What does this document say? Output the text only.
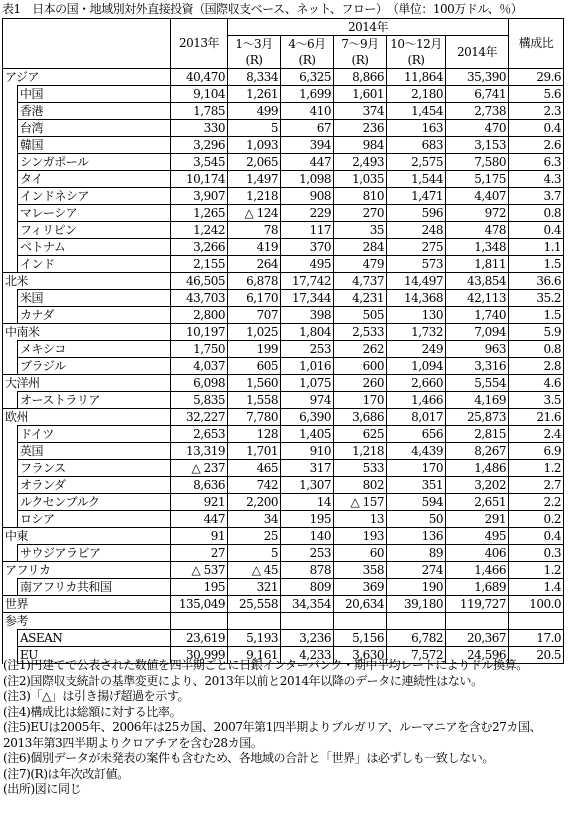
表1　日本の国・地域別対外直接投資（国際収支ベース、ネット、フロー）　（単位：100万ドル、％）
		2013年	2014年					構成比
			1～3月	4～6月	7～9月	10～12月	2014年	
			(R)	(R)	(R)	(R)		
アジア		40,470	8,334	6,325	8,866	11,864	35,390	29.6
	中国	9,104	1,261	1,699	1,601	2,180	6,741	5.6
	香港	1,785	499	410	374	1,454	2,738	2.3
	台湾	330	5	67	236	163	470	0.4
	韓国	3,296	1,093	394	984	683	3,153	2.6
	シンガポール	3,545	2,065	447	2,493	2,575	7,580	6.3
	タイ	10,174	1,497	1,098	1,035	1,544	5,175	4.3
	インドネシア	3,907	1,218	908	810	1,471	4,407	3.7
	マレーシア	1,265	△ 124	229	270	596	972	0.8
	フィリピン	1,242	78	117	35	248	478	0.4
	ベトナム	3,266	419	370	284	275	1,348	1.1
	インド	2,155	264	495	479	573	1,811	1.5
北米		46,505	6,878	17,742	4,737	14,497	43,854	36.6
	米国	43,703	6,170	17,344	4,231	14,368	42,113	35.2
	カナダ	2,800	707	398	505	130	1,740	1.5
中南米		10,197	1,025	1,804	2,533	1,732	7,094	5.9
	メキシコ	1,750	199	253	262	249	963	0.8
	ブラジル	4,037	605	1,016	600	1,094	3,316	2.8
大洋州		6,098	1,560	1,075	260	2,660	5,554	4.6
	オーストラリア	5,835	1,558	974	170	1,466	4,169	3.5
欧州		32,227	7,780	6,390	3,686	8,017	25,873	21.6
	ドイツ	2,653	128	1,405	625	656	2,815	2.4
	英国	13,319	1,701	910	1,218	4,439	8,267	6.9
	フランス	△ 237	465	317	533	170	1,486	1.2
	オランダ	8,636	742	1,307	802	351	3,202	2.7
	ルクセンブルク	921	2,200	14	△ 157	594	2,651	2.2
	ロシア	447	34	195	13	50	291	0.2
中東		91	25	140	193	136	495	0.4
	サウジアラビア	27	5	253	60	89	406	0.3
アフリカ		△ 537	△ 45	878	358	274	1,466	1.2
	南アフリカ共和国	195	321	809	369	190	1,689	1.4
世界		135,049	25,558	34,354	20,634	39,180	119,727	100.0
参考								
	ASEAN	23,619	5,193	3,236	5,156	6,782	20,367	17.0
	EU	30,999	9,161	4,233	3,630	7,572	24,596	20.5
(注1)円建てで公表された数値を四半期ごとに日銀インターバンク・期中平均レートによりドル換算。
(注2)国際収支統計の基準変更により、2013年以前と2014年以降のデータに連続性はない。
(注3)「△」は引き揚げ超過を示す。
(注4)構成比は総額に対する比率。
(注5)EUは2005年、2006年は25カ国、2007年第1四半期よりブルガリア、ルーマニアを含む27カ国、2013年第3四半期よりクロアチアを含む28カ国。
(注6)個別データが未発表の案件も含むため、各地域の合計と「世界」は必ずしも一致しない。
(注7)(R)は年次改訂値。
(出所)図に同じ
